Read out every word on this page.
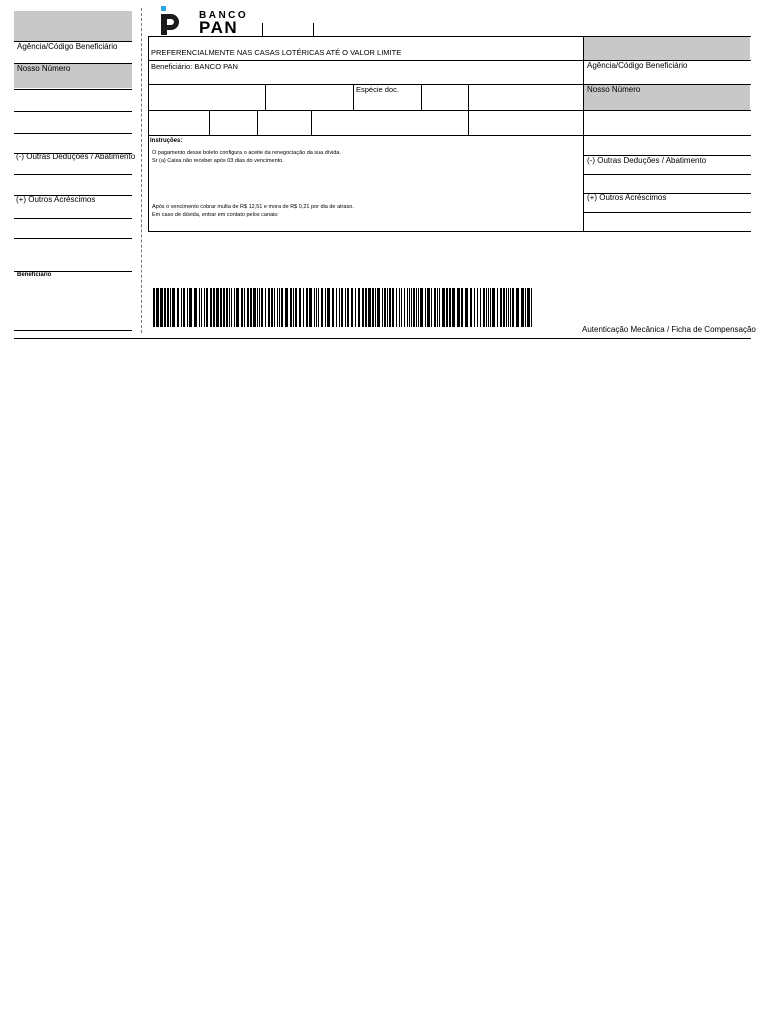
Agência/Código Beneficiário
Nosso Número
(-) Outras Deduções / Abatimento
(+) Outros Acréscimos
Beneficiário
BANCO
PAN
PREFERENCIALMENTE NAS CASAS LOTÉRICAS ATÉ O VALOR LIMITE
Beneficiário: BANCO PAN
Espécie doc.
Instruções:
O pagamento desse boleto configura o aceite da renegociação da sua dívida.
Sr (a) Caixa não receber após 03 dias do vencimento.
Após o vencimento cobrar multa de R$ 12,51 e mora de R$ 0,21 por dia de atraso.
Em caso de dúvida, entrar em contato pelos canais:
Agência/Código Beneficiário
Nosso Número
(-) Outras Deduções / Abatimento
(+) Outros Acréscimos
Autenticação Mecânica / Ficha de Compensação
